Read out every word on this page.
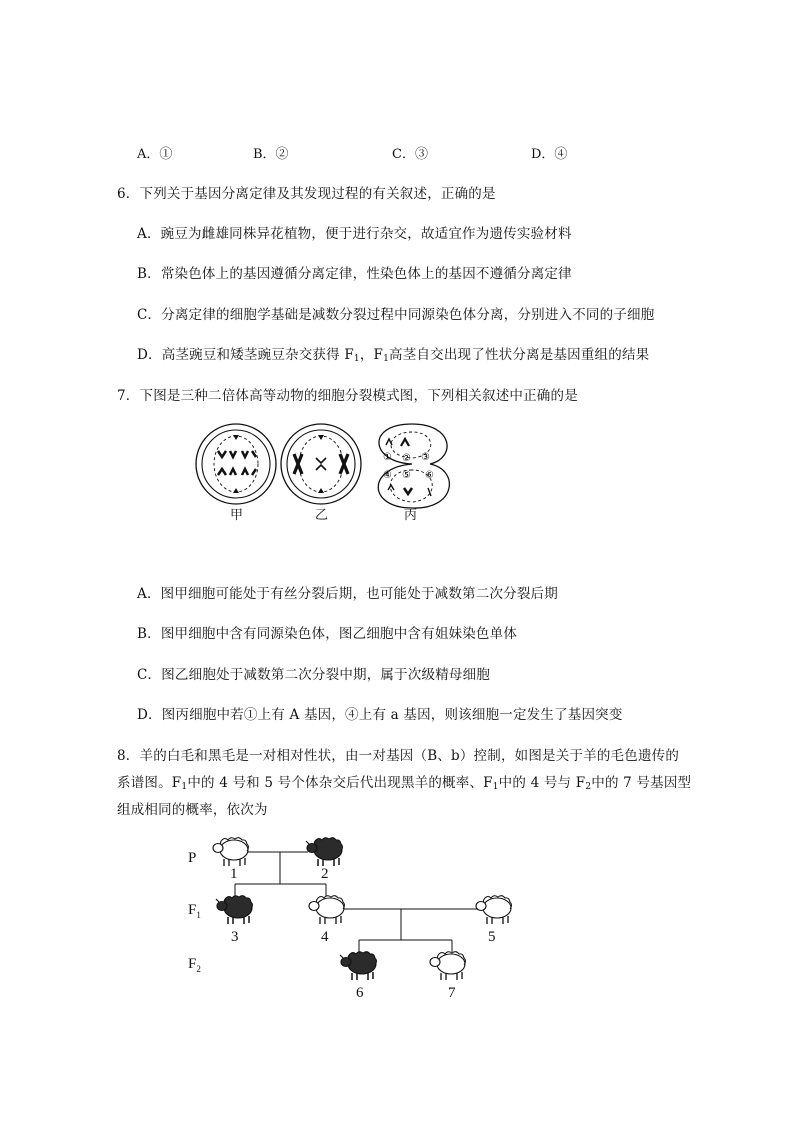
A．①	B．②	C．③	D．④
6．下列关于基因分离定律及其发现过程的有关叙述，正确的是
A．豌豆为雌雄同株异花植物，便于进行杂交，故适宜作为遗传实验材料
B．常染色体上的基因遵循分离定律，性染色体上的基因不遵循分离定律
C．分离定律的细胞学基础是减数分裂过程中同源染色体分离，分别进入不同的子细胞
D．高茎豌豆和矮茎豌豆杂交获得 $F_1$，$F_1$高茎自交出现了性状分离是基因重组的结果
7．下图是三种二倍体高等动物的细胞分裂模式图，下列相关叙述中正确的是
① ② ③
④ ⑤ ⑥
甲	乙	丙
A．图甲细胞可能处于有丝分裂后期，也可能处于减数第二次分裂后期
B．图甲细胞中含有同源染色体，图乙细胞中含有姐妹染色单体
C．图乙细胞处于减数第二次分裂中期，属于次级精母细胞
D．图丙细胞中若①上有 A 基因，④上有 a 基因，则该细胞一定发生了基因突变
8．羊的白毛和黑毛是一对相对性状，由一对基因（B、b）控制，如图是关于羊的毛色遗传的
系谱图。$F_1$中的 4 号和 5 号个体杂交后代出现黑羊的概率、$F_1$中的 4 号与 $F_2$中的 7 号基因型
组成相同的概率，依次为
P
$F_1$
$F_2$
1	2
3	4	5
6	7
